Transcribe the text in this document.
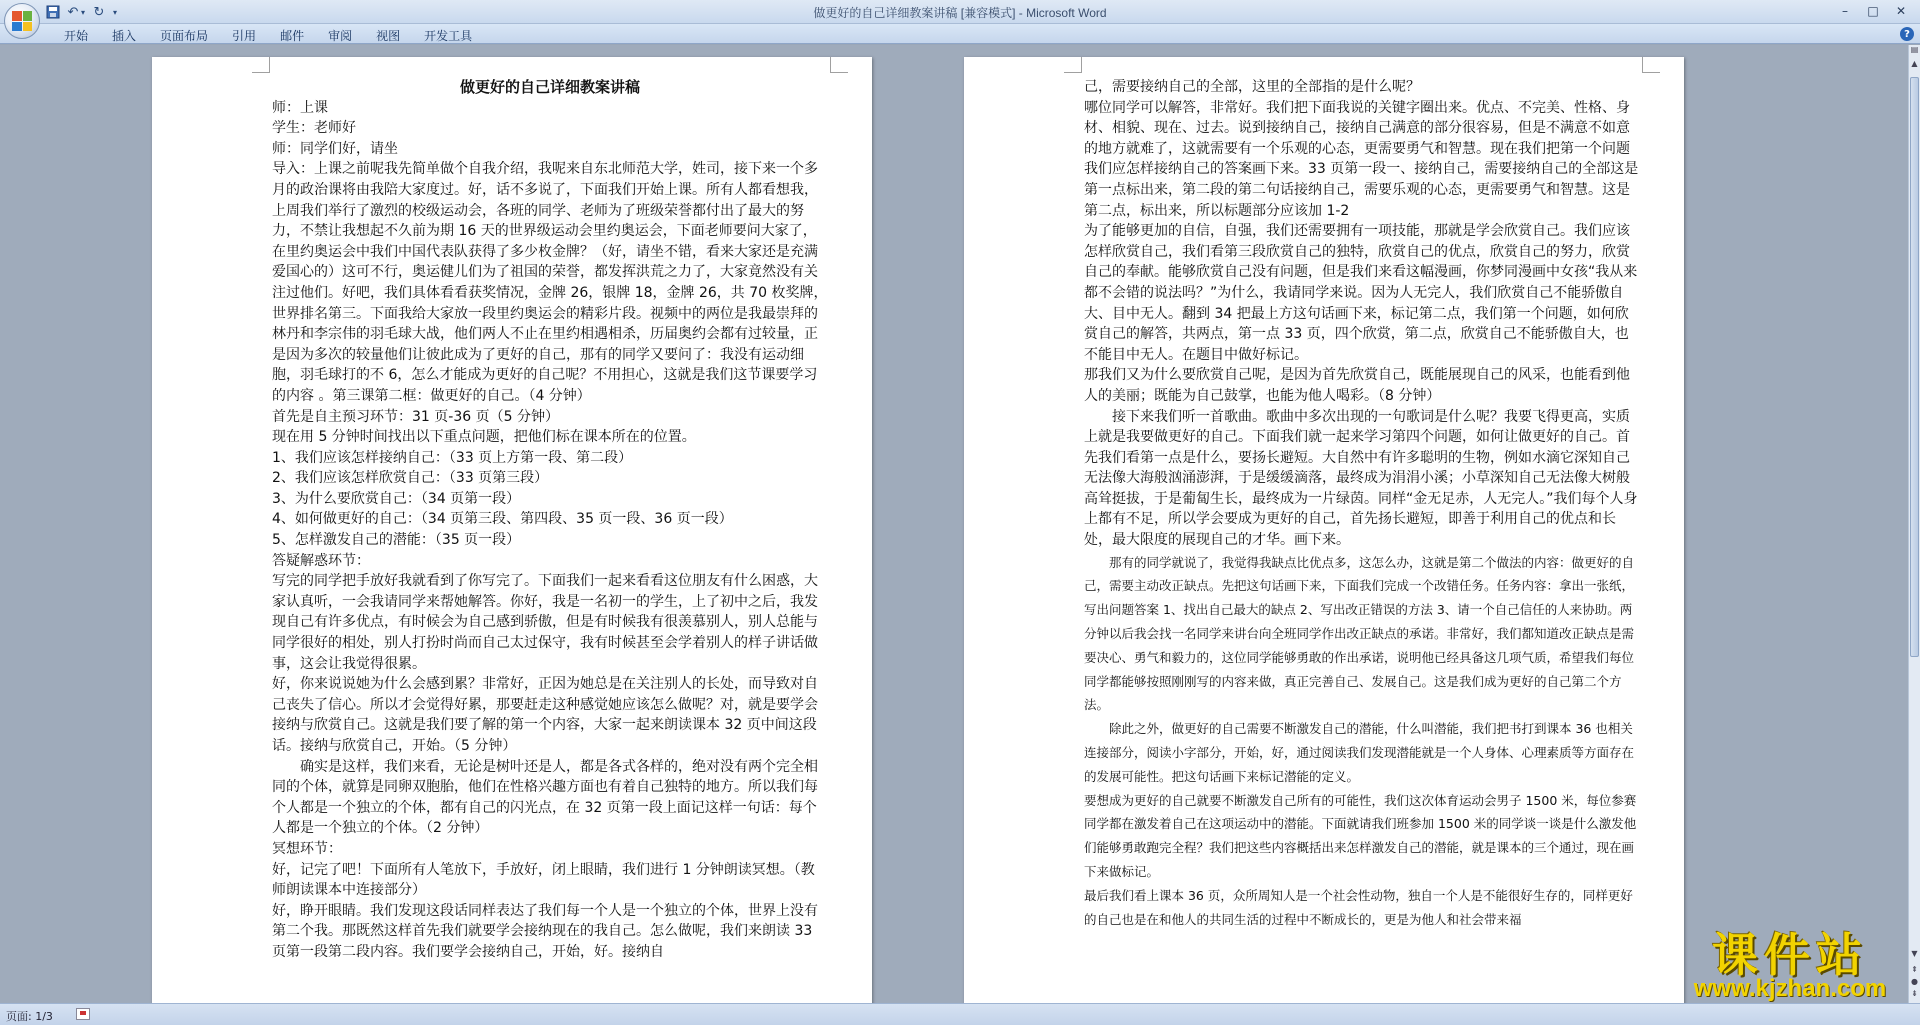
↶ ▾ ↻	▾	做更好的自己详细教案讲稿 [兼容模式] - Microsoft Word	–	□	✕
开始	插入	页面布局	引用	邮件	审阅	视图	开发工具	?

做更好的自己详细教案讲稿

师：上课

学生：老师好

师：同学们好，请坐

导入：上课之前呢我先简单做个自我介绍，我呢来自东北师范大学，姓司，接下来一个多月的政治课将由我陪大家度过。好，话不多说了，下面我们开始上课。所有人都看想我，上周我们举行了激烈的校级运动会，各班的同学、老师为了班级荣誉都付出了最大的努力，不禁让我想起不久前为期 16 天的世界级运动会里约奥运会，下面老师要问大家了，在里约奥运会中我们中国代表队获得了多少枚金牌？（好，请坐不错，看来大家还是充满爱国心的）这可不行，奥运健儿们为了祖国的荣誉，都发挥洪荒之力了，大家竟然没有关注过他们。好吧，我们具体看看获奖情况，金牌 26，银牌 18，金牌 26，共 70 枚奖牌，世界排名第三。下面我给大家放一段里约奥运会的精彩片段。视频中的两位是我最崇拜的林丹和李宗伟的羽毛球大战，他们两人不止在里约相遇相杀，历届奥约会都有过较量，正是因为多次的较量他们让彼此成为了更好的自己，那有的同学又要问了：我没有运动细胞，羽毛球打的不 6，怎么才能成为更好的自己呢？不用担心，这就是我们这节课要学习的内容 。第三课第二框：做更好的自己。（4 分钟）

首先是自主预习环节：31 页-36 页（5 分钟）

现在用 5 分钟时间找出以下重点问题，把他们标在课本所在的位置。

1、我们应该怎样接纳自己：（33 页上方第一段、第二段）

2、我们应该怎样欣赏自己：（33 页第三段）

3、为什么要欣赏自己：（34 页第一段）

4、如何做更好的自己：（34 页第三段、第四段、35 页一段、36 页一段）

5、怎样激发自己的潜能：（35 页一段）

答疑解惑环节：

写完的同学把手放好我就看到了你写完了。下面我们一起来看看这位朋友有什么困惑，大家认真听，一会我请同学来帮她解答。你好，我是一名初一的学生，上了初中之后，我发现自己有许多优点，有时候会为自己感到骄傲，但是有时候我有很羡慕别人，别人总能与同学很好的相处，别人打扮时尚而自己太过保守，我有时候甚至会学着别人的样子讲话做事，这会让我觉得很累。

好，你来说说她为什么会感到累？非常好，正因为她总是在关注别人的长处，而导致对自己丧失了信心。所以才会觉得好累，那要赶走这种感觉她应该怎么做呢？对，就是要学会接纳与欣赏自己。这就是我们要了解的第一个内容，大家一起来朗读课本 32 页中间这段话。接纳与欣赏自己，开始。（5 分钟）

确实是这样，我们来看，无论是树叶还是人，都是各式各样的，绝对没有两个完全相同的个体，就算是同卵双胞胎，他们在性格兴趣方面也有着自己独特的地方。所以我们每个人都是一个独立的个体，都有自己的闪光点，在 32 页第一段上面记这样一句话：每个人都是一个独立的个体。（2 分钟）

冥想环节：

好，记完了吧！下面所有人笔放下，手放好，闭上眼睛，我们进行 1 分钟朗读冥想。（教师朗读课本中连接部分）

好，睁开眼睛。我们发现这段话同样表达了我们每一个人是一个独立的个体，世界上没有第二个我。那既然这样首先我们就要学会接纳现在的我自己。怎么做呢，我们来朗读 33 页第一段第二段内容。我们要学会接纳自己，开始，好。接纳自

己，需要接纳自己的全部，这里的全部指的是什么呢？

哪位同学可以解答，非常好。我们把下面我说的关键字圈出来。优点、不完美、性格、身材、相貌、现在、过去。说到接纳自己，接纳自己满意的部分很容易，但是不满意不如意的地方就难了，这就需要有一个乐观的心态，更需要勇气和智慧。现在我们把第一个问题我们应怎样接纳自己的答案画下来。33 页第一段一、接纳自己，需要接纳自己的全部这是第一点标出来，第二段的第二句话接纳自己，需要乐观的心态，更需要勇气和智慧。这是第二点，标出来，所以标题部分应该加 1-2

为了能够更加的自信，自强，我们还需要拥有一项技能，那就是学会欣赏自己。我们应该怎样欣赏自己，我们看第三段欣赏自己的独特，欣赏自己的优点，欣赏自己的努力，欣赏自己的奉献。能够欣赏自己没有问题，但是我们来看这幅漫画，你梦同漫画中女孩“我从来都不会错的说法吗？”为什么，我请同学来说。因为人无完人，我们欣赏自己不能骄傲自大、目中无人。翻到 34 把最上方这句话画下来，标记第二点，我们第一个问题，如何欣赏自己的解答，共两点，第一点 33 页，四个欣赏，第二点，欣赏自己不能骄傲自大，也不能目中无人。在题目中做好标记。

那我们又为什么要欣赏自己呢，是因为首先欣赏自己，既能展现自己的风采，也能看到他人的美丽；既能为自己鼓掌，也能为他人喝彩。（8 分钟）

接下来我们听一首歌曲。歌曲中多次出现的一句歌词是什么呢？我要飞得更高，实质上就是我要做更好的自己。下面我们就一起来学习第四个问题，如何让做更好的自己。首先我们看第一点是什么，要扬长避短。大自然中有许多聪明的生物，例如水滴它深知自己无法像大海般汹涌澎湃，于是缓缓滴落，最终成为涓涓小溪；小草深知自己无法像大树般高耸挺拔，于是葡匐生长，最终成为一片绿茵。同样“金无足赤，人无完人。”我们每个人身上都有不足，所以学会要成为更好的自己，首先扬长避短，即善于利用自己的优点和长处，最大限度的展现自己的才华。画下来。

那有的同学就说了，我觉得我缺点比优点多，这怎么办，这就是第二个做法的内容：做更好的自己，需要主动改正缺点。先把这句话画下来，下面我们完成一个改错任务。任务内容：拿出一张纸，写出问题答案 1、找出自己最大的缺点 2、写出改正错误的方法 3、请一个自己信任的人来协助。两分钟以后我会找一名同学来讲台向全班同学作出改正缺点的承诺。非常好，我们都知道改正缺点是需要决心、勇气和毅力的，这位同学能够勇敢的作出承诺，说明他已经具备这几项气质，希望我们每位同学都能够按照刚刚写的内容来做，真正完善自己、发展自己。这是我们成为更好的自己第二个方法。

除此之外，做更好的自己需要不断激发自己的潜能，什么叫潜能，我们把书打到课本 36 也相关连接部分，阅读小字部分，开始，好，通过阅读我们发现潜能就是一个人身体、心理素质等方面存在的发展可能性。把这句话画下来标记潜能的定义。

要想成为更好的自己就要不断激发自己所有的可能性，我们这次体育运动会男子 1500 米，每位参赛同学都在激发着自己在这项运动中的潜能。下面就请我们班参加 1500 米的同学谈一谈是什么激发他们能够勇敢跑完全程？我们把这些内容概括出来怎样激发自己的潜能，就是课本的三个通过，现在画下来做标记。

最后我们看上课本 36 页，众所周知人是一个社会性动物，独自一个人是不能很好生存的，同样更好的自己也是在和他人的共同生活的过程中不断成长的，更是为他人和社会带来福

▤
▲
▼
⇞
●
⇟
页面: 1/3
课件站
www.kjzhan.com
